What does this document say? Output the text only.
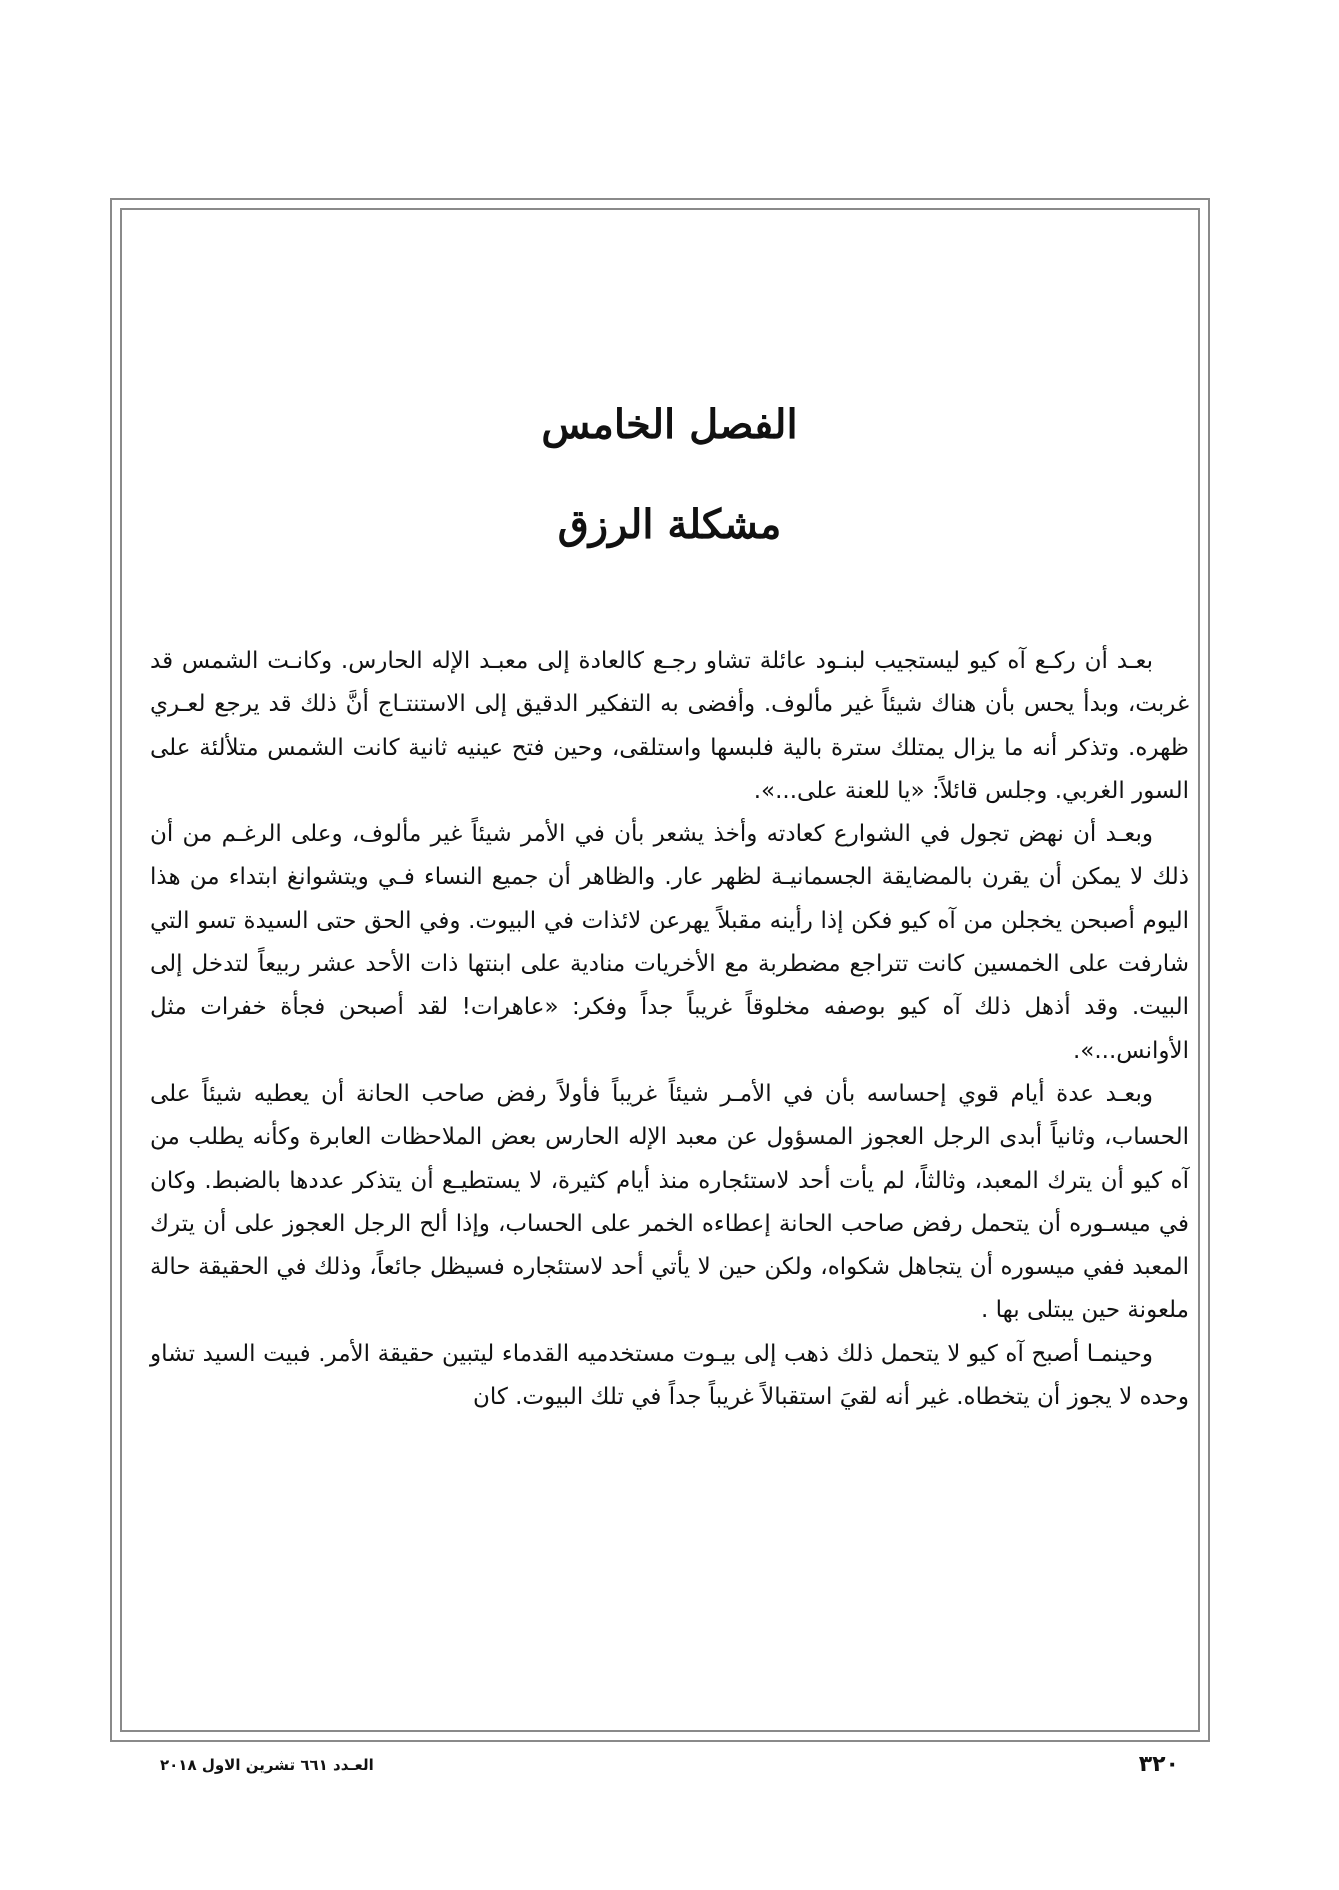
الفصل الخامس
مشكلة الرزق

بعـد أن ركـع آه كيو ليستجيب لبنـود عائلة تشاو رجـع كالعادة إلى معبـد الإله الحارس. وكانـت الشمس قد غربت، وبدأ يحس بأن هناك شيئاً غير مألوف. وأفضى به التفكير الدقيق إلى الاستنتـاج أنَّ ذلك قد يرجع لعـري ظهره. وتذكر أنه ما يزال يمتلك سترة بالية فلبسها واستلقى، وحين فتح عينيه ثانية كانت الشمس متلألئة على السور الغربي. وجلس قائلاً: «يا للعنة على...».

وبعـد أن نهض تجول في الشوارع كعادته وأخذ يشعر بأن في الأمر شيئاً غير مألوف، وعلى الرغـم من أن ذلك لا يمكن أن يقرن بالمضايقة الجسمانيـة لظهر عار. والظاهر أن جميع النساء فـي ويتشوانغ ابتداء من هذا اليوم أصبحن يخجلن من آه كيو فكن إذا رأينه مقبلاً يهرعن لائذات في البيوت. وفي الحق حتى السيدة تسو التي شارفت على الخمسين كانت تتراجع مضطربة مع الأخريات منادية على ابنتها ذات الأحد عشر ربيعاً لتدخل إلى البيت. وقد أذهل ذلك آه كيو بوصفه مخلوقاً غريباً جداً وفكر: «عاهرات! لقد أصبحن فجأة خفرات مثل الأوانس...».

وبعـد عدة أيام قوي إحساسه بأن في الأمـر شيئاً غريباً فأولاً رفض صاحب الحانة أن يعطيه شيئاً على الحساب، وثانياً أبدى الرجل العجوز المسؤول عن معبد الإله الحارس بعض الملاحظات العابرة وكأنه يطلب من آه كيو أن يترك المعبد، وثالثاً، لم يأت أحد لاستئجاره منذ أيام كثيرة، لا يستطيـع أن يتذكر عددها بالضبط. وكان في ميسـوره أن يتحمل رفض صاحب الحانة إعطاءه الخمر على الحساب، وإذا ألح الرجل العجوز على أن يترك المعبد ففي ميسوره أن يتجاهل شكواه، ولكن حين لا يأتي أحد لاستئجاره فسيظل جائعاً، وذلك في الحقيقة حالة ملعونة حين يبتلى بها .

وحينمـا أصبح آه كيو لا يتحمل ذلك ذهب إلى بيـوت مستخدميه القدماء ليتبين حقيقة الأمر. فبيت السيد تشاو وحده لا يجوز أن يتخطاه. غير أنه لقيَ استقبالاً غريباً جداً في تلك البيوت. كان

٣٢٠
العـدد ٦٦١ تشرين الاول ٢٠١٨
